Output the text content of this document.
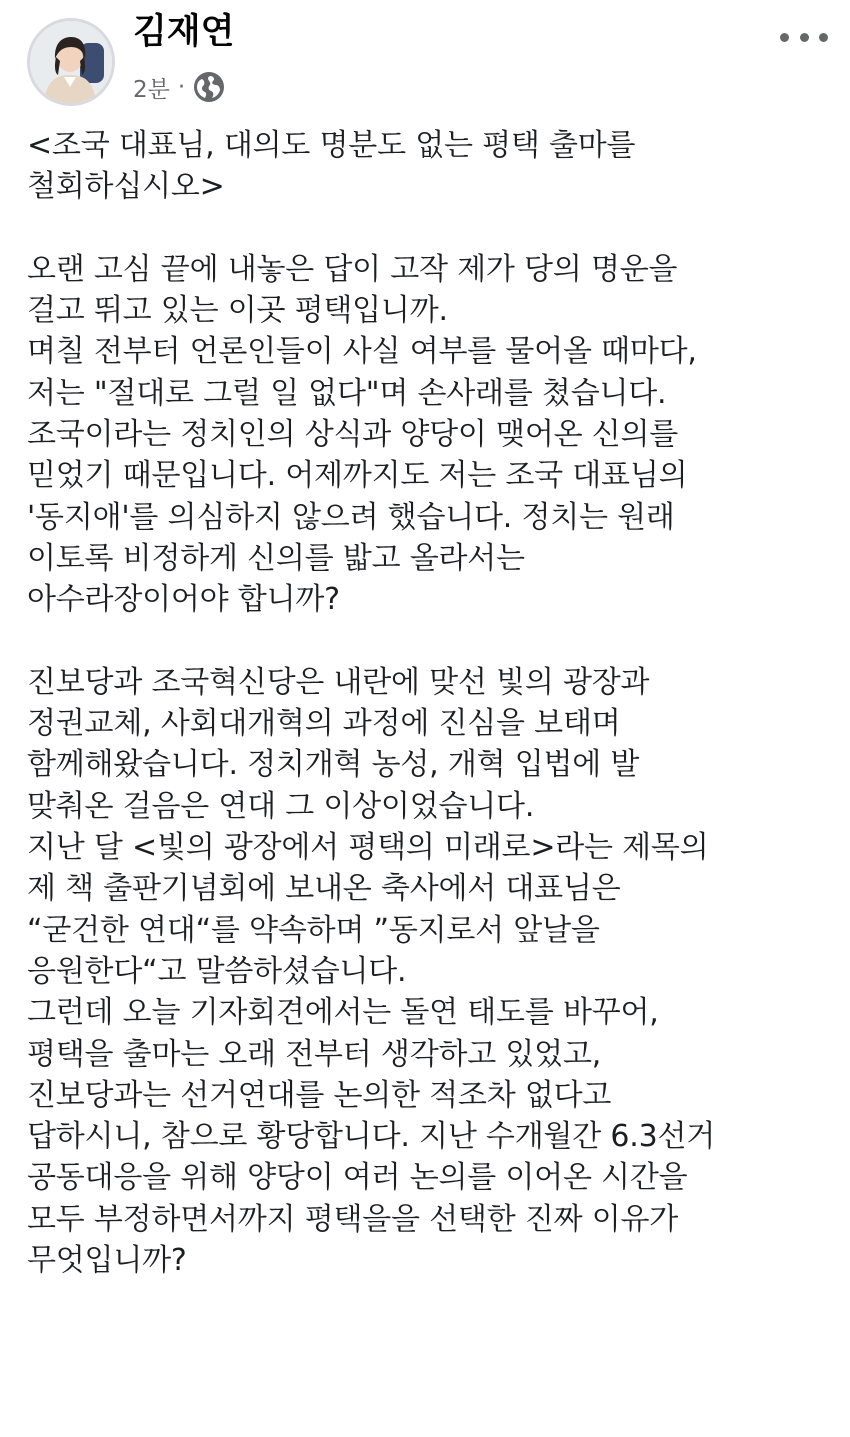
김재연
2분 ·
<조국 대표님, 대의도 명분도 없는 평택 출마를
철회하십시오>
오랜 고심 끝에 내놓은 답이 고작 제가 당의 명운을
걸고 뛰고 있는 이곳 평택입니까.
며칠 전부터 언론인들이 사실 여부를 물어올 때마다,
저는 "절대로 그럴 일 없다"며 손사래를 쳤습니다.
조국이라는 정치인의 상식과 양당이 맺어온 신의를
믿었기 때문입니다. 어제까지도 저는 조국 대표님의
'동지애'를 의심하지 않으려 했습니다. 정치는 원래
이토록 비정하게 신의를 밟고 올라서는
아수라장이어야 합니까?
진보당과 조국혁신당은 내란에 맞선 빛의 광장과
정권교체, 사회대개혁의 과정에 진심을 보태며
함께해왔습니다. 정치개혁 농성, 개혁 입법에 발
맞춰온 걸음은 연대 그 이상이었습니다.
지난 달 <빛의 광장에서 평택의 미래로>라는 제목의
제 책 출판기념회에 보내온 축사에서 대표님은
“굳건한 연대“를 약속하며 ”동지로서 앞날을
응원한다“고 말씀하셨습니다.
그런데 오늘 기자회견에서는 돌연 태도를 바꾸어,
평택을 출마는 오래 전부터 생각하고 있었고,
진보당과는 선거연대를 논의한 적조차 없다고
답하시니, 참으로 황당합니다. 지난 수개월간 6.3선거
공동대응을 위해 양당이 여러 논의를 이어온 시간을
모두 부정하면서까지 평택을을 선택한 진짜 이유가
무엇입니까?
